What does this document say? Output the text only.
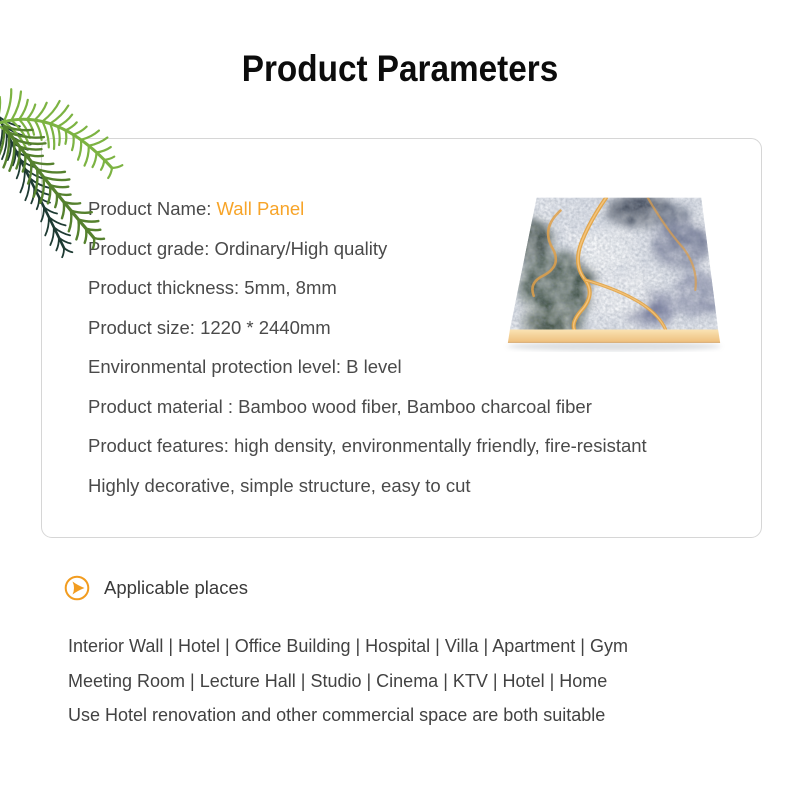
Product Parameters

Product Name: Wall Panel

Product grade: Ordinary/High quality

Product thickness: 5mm, 8mm

Product size: 1220 * 2440mm

Environmental protection level: B level

Product material : Bamboo wood fiber, Bamboo charcoal fiber

Product features: high density, environmentally friendly, fire-resistant

Highly decorative, simple structure, easy to cut

Applicable places

Interior Wall | Hotel | Office Building | Hospital | Villa | Apartment | Gym

Meeting Room | Lecture Hall | Studio | Cinema | KTV | Hotel | Home

Use Hotel renovation and other commercial space are both suitable
